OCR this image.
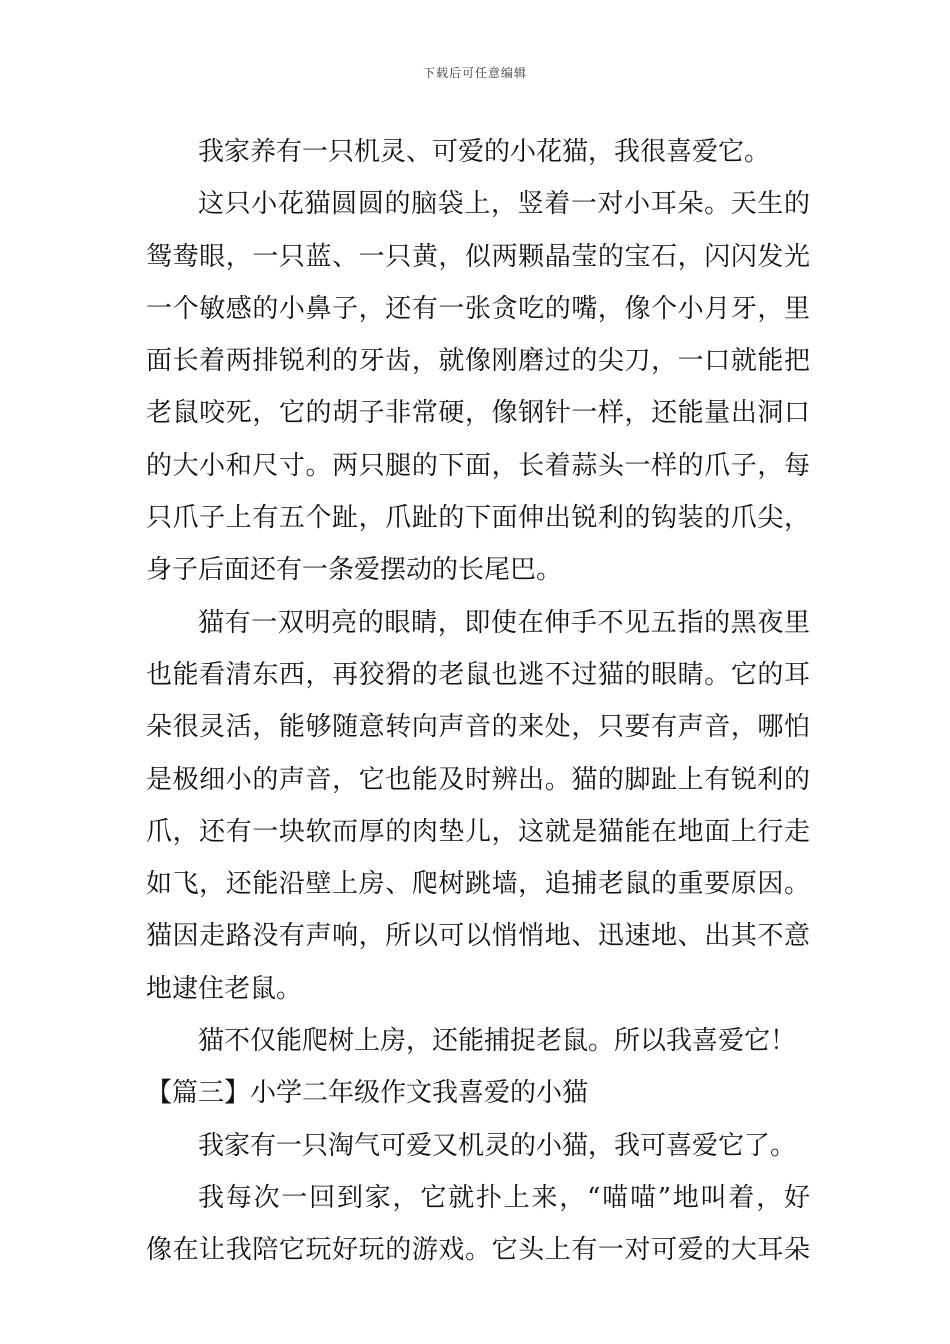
下载后可任意编辑
我家养有一只机灵、可爱的小花猫，我很喜爱它。
这只小花猫圆圆的脑袋上，竖着一对小耳朵。天生的
鸳鸯眼，一只蓝、一只黄，似两颗晶莹的宝石，闪闪发光
一个敏感的小鼻子，还有一张贪吃的嘴，像个小月牙，里
面长着两排锐利的牙齿，就像刚磨过的尖刀，一口就能把
老鼠咬死，它的胡子非常硬，像钢针一样，还能量出洞口
的大小和尺寸。两只腿的下面，长着蒜头一样的爪子，每
只爪子上有五个趾，爪趾的下面伸出锐利的钩装的爪尖，
身子后面还有一条爱摆动的长尾巴。
猫有一双明亮的眼睛，即使在伸手不见五指的黑夜里
也能看清东西，再狡猾的老鼠也逃不过猫的眼睛。它的耳
朵很灵活，能够随意转向声音的来处，只要有声音，哪怕
是极细小的声音，它也能及时辨出。猫的脚趾上有锐利的
爪，还有一块软而厚的肉垫儿，这就是猫能在地面上行走
如飞，还能沿壁上房、爬树跳墙，追捕老鼠的重要原因。
猫因走路没有声响，所以可以悄悄地、迅速地、出其不意
地逮住老鼠。
猫不仅能爬树上房，还能捕捉老鼠。所以我喜爱它！
【篇三】小学二年级作文我喜爱的小猫
我家有一只淘气可爱又机灵的小猫，我可喜爱它了。
我每次一回到家，它就扑上来，“喵喵”地叫着，好
像在让我陪它玩好玩的游戏。它头上有一对可爱的大耳朵
